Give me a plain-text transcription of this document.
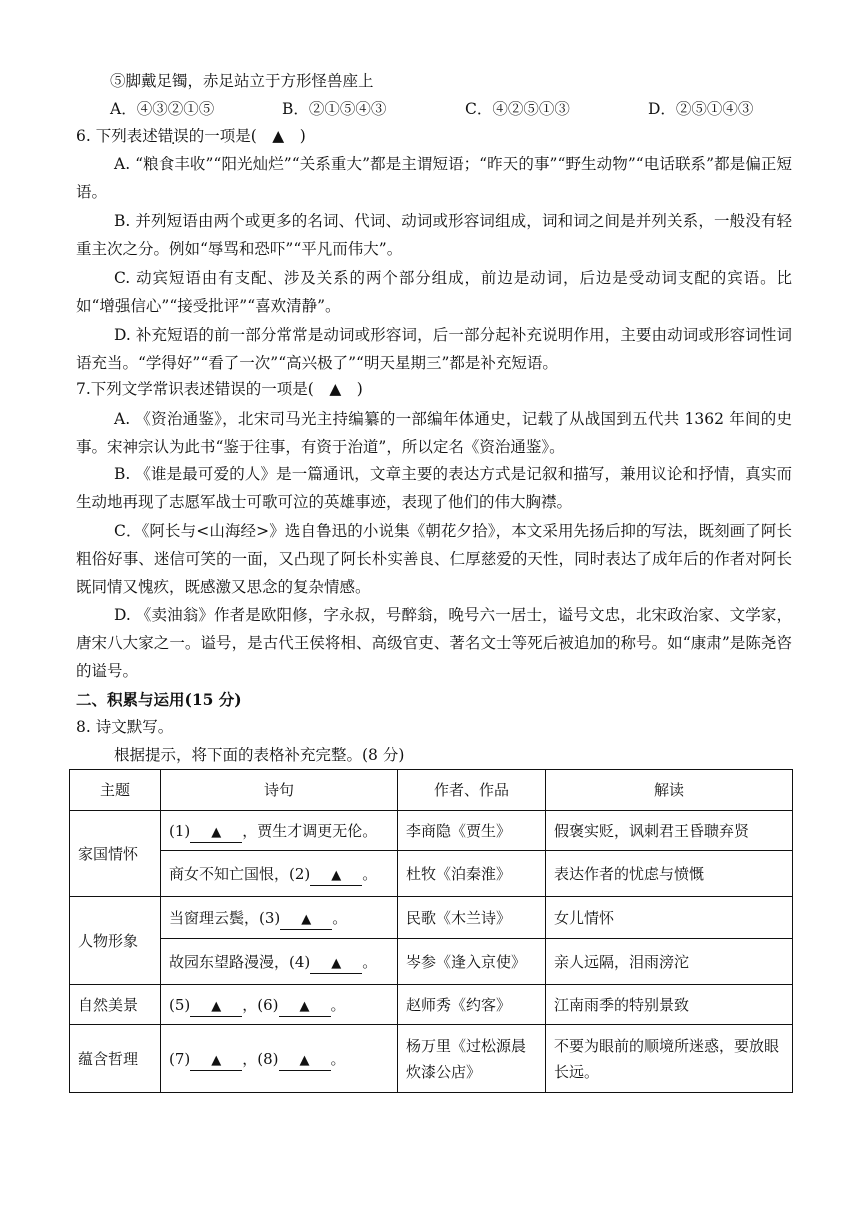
⑤脚戴足镯，赤足站立于方形怪兽座上
A．④③②①⑤	B．②①⑤④③	C．④②⑤①③	D．②⑤①④③
6. 下列表述错误的一项是(　▲　)
A. “粮食丰收”“阳光灿烂”“关系重大”都是主谓短语；“昨天的事”“野生动物”“电话联系”都是偏正短语。
B. 并列短语由两个或更多的名词、代词、动词或形容词组成，词和词之间是并列关系，一般没有轻重主次之分。例如“辱骂和恐吓”“平凡而伟大”。
C. 动宾短语由有支配、涉及关系的两个部分组成，前边是动词，后边是受动词支配的宾语。比如“增强信心”“接受批评”“喜欢清静”。
D. 补充短语的前一部分常常是动词或形容词，后一部分起补充说明作用，主要由动词或形容词性词语充当。“学得好”“看了一次”“高兴极了”“明天星期三”都是补充短语。
7.下列文学常识表述错误的一项是(　▲　)
A. 《资治通鉴》，北宋司马光主持编纂的一部编年体通史，记载了从战国到五代共 1362 年间的史事。宋神宗认为此书“鉴于往事，有资于治道”，所以定名《资治通鉴》。
B. 《谁是最可爱的人》是一篇通讯，文章主要的表达方式是记叙和描写，兼用议论和抒情，真实而生动地再现了志愿军战士可歌可泣的英雄事迹，表现了他们的伟大胸襟。
C．《阿长与<山海经>》选自鲁迅的小说集《朝花夕拾》，本文采用先扬后抑的写法，既刻画了阿长粗俗好事、迷信可笑的一面，又凸现了阿长朴实善良、仁厚慈爱的天性，同时表达了成年后的作者对阿长既同情又愧疚，既感激又思念的复杂情感。
D. 《卖油翁》作者是欧阳修，字永叔，号醉翁，晚号六一居士，谥号文忠，北宋政治家、文学家，唐宋八大家之一。谥号，是古代王侯将相、高级官吏、著名文士等死后被追加的称号。如“康肃”是陈尧咨的谥号。
二、积累与运用(15 分)
8. 诗文默写。
根据提示，将下面的表格补充完整。(8 分)
主题	诗句	作者、作品	解读
家国情怀	(1) ▲ ，贾生才调更无伦。	李商隐《贾生》	假褒实贬，讽刺君王昏聩弃贤
	商女不知亡国恨，(2) ▲ 。	杜牧《泊秦淮》	表达作者的忧虑与愤慨
人物形象	当窗理云鬓，(3) ▲ 。	民歌《木兰诗》	女儿情怀
	故园东望路漫漫，(4) ▲ 。	岑参《逢入京使》	亲人远隔，泪雨滂沱
自然美景	(5) ▲ ，(6) ▲ 。	赵师秀《约客》	江南雨季的特别景致
蕴含哲理	(7) ▲ ，(8) ▲ 。	杨万里《过松源晨炊漆公店》	不要为眼前的顺境所迷惑，要放眼长远。
